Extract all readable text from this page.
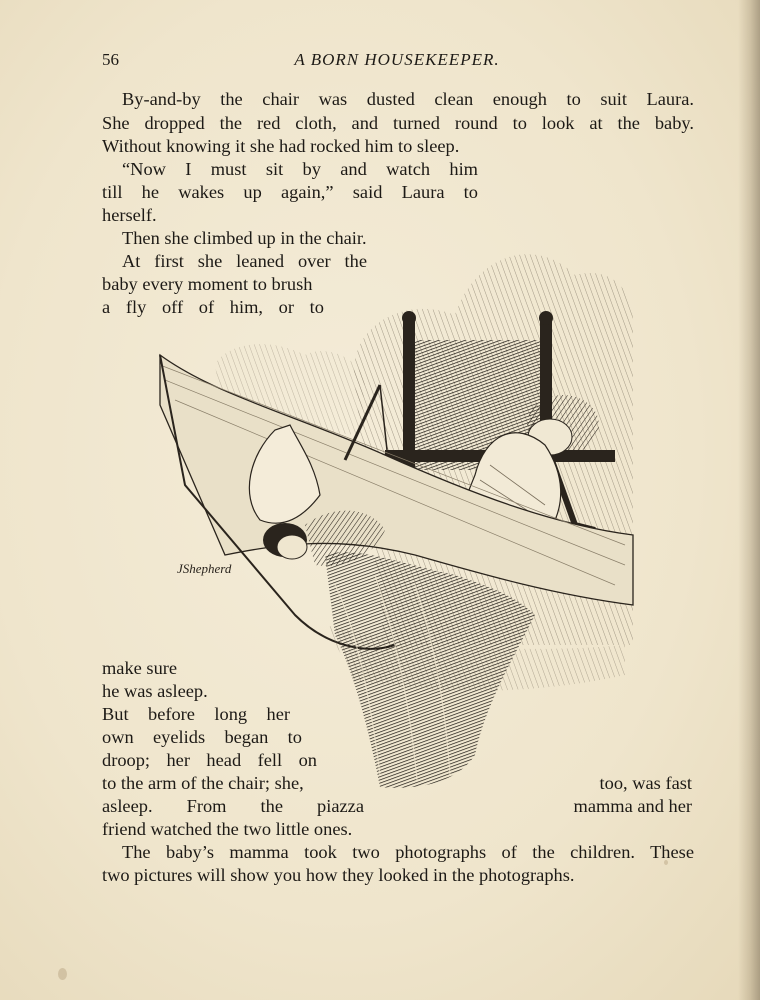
56	A BORN HOUSEKEEPER.
By-and-by the chair was dusted clean enough to suit Laura.
She dropped the red cloth, and turned round to look at the baby.
Without knowing it she had rocked him to sleep.
“Now I must sit by and watch him
till he wakes up again,” said Laura to
herself.
Then she climbed up in the chair.
At first she leaned over the
baby every moment to brush
a fly off of him, or to
JShepherd
make sure
he was asleep.
But before long her
own eyelids began to
droop; her head fell on
to the arm of the chair; she,	too, was fast
asleep. From the piazza	mamma and her
friend watched the two little ones.
The baby’s mamma took two photographs of the children. These
two pictures will show you how they looked in the photographs.
